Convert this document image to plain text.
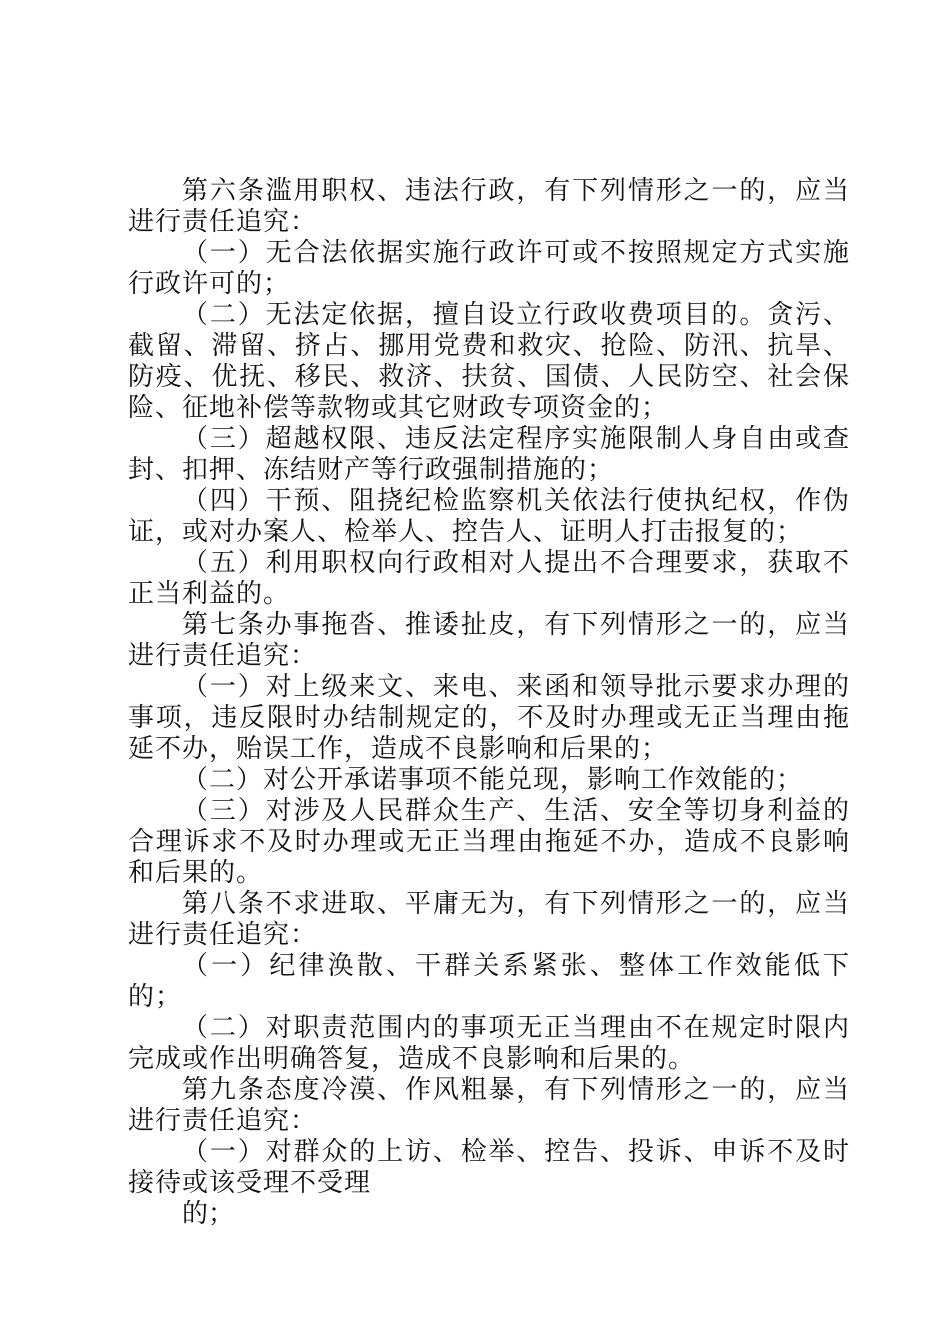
第六条滥用职权、违法行政，有下列情形之一的，应当进行责任追究：

（一）无合法依据实施行政许可或不按照规定方式实施行政许可的；

（二）无法定依据，擅自设立行政收费项目的。贪污、截留、滞留、挤占、挪用党费和救灾、抢险、防汛、抗旱、防疫、优抚、移民、救济、扶贫、国债、人民防空、社会保险、征地补偿等款物或其它财政专项资金的；

（三）超越权限、违反法定程序实施限制人身自由或查封、扣押、冻结财产等行政强制措施的；

（四）干预、阻挠纪检监察机关依法行使执纪权，作伪证，或对办案人、检举人、控告人、证明人打击报复的；

（五）利用职权向行政相对人提出不合理要求，获取不正当利益的。

第七条办事拖沓、推诿扯皮，有下列情形之一的，应当进行责任追究：

（一）对上级来文、来电、来函和领导批示要求办理的事项，违反限时办结制规定的，不及时办理或无正当理由拖延不办，贻误工作，造成不良影响和后果的；

（二）对公开承诺事项不能兑现，影响工作效能的；

（三）对涉及人民群众生产、生活、安全等切身利益的合理诉求不及时办理或无正当理由拖延不办，造成不良影响和后果的。

第八条不求进取、平庸无为，有下列情形之一的，应当进行责任追究：

（一）纪律涣散、干群关系紧张、整体工作效能低下的；

（二）对职责范围内的事项无正当理由不在规定时限内完成或作出明确答复，造成不良影响和后果的。

第九条态度冷漠、作风粗暴，有下列情形之一的，应当进行责任追究：

（一）对群众的上访、检举、控告、投诉、申诉不及时接待或该受理不受理

的；
